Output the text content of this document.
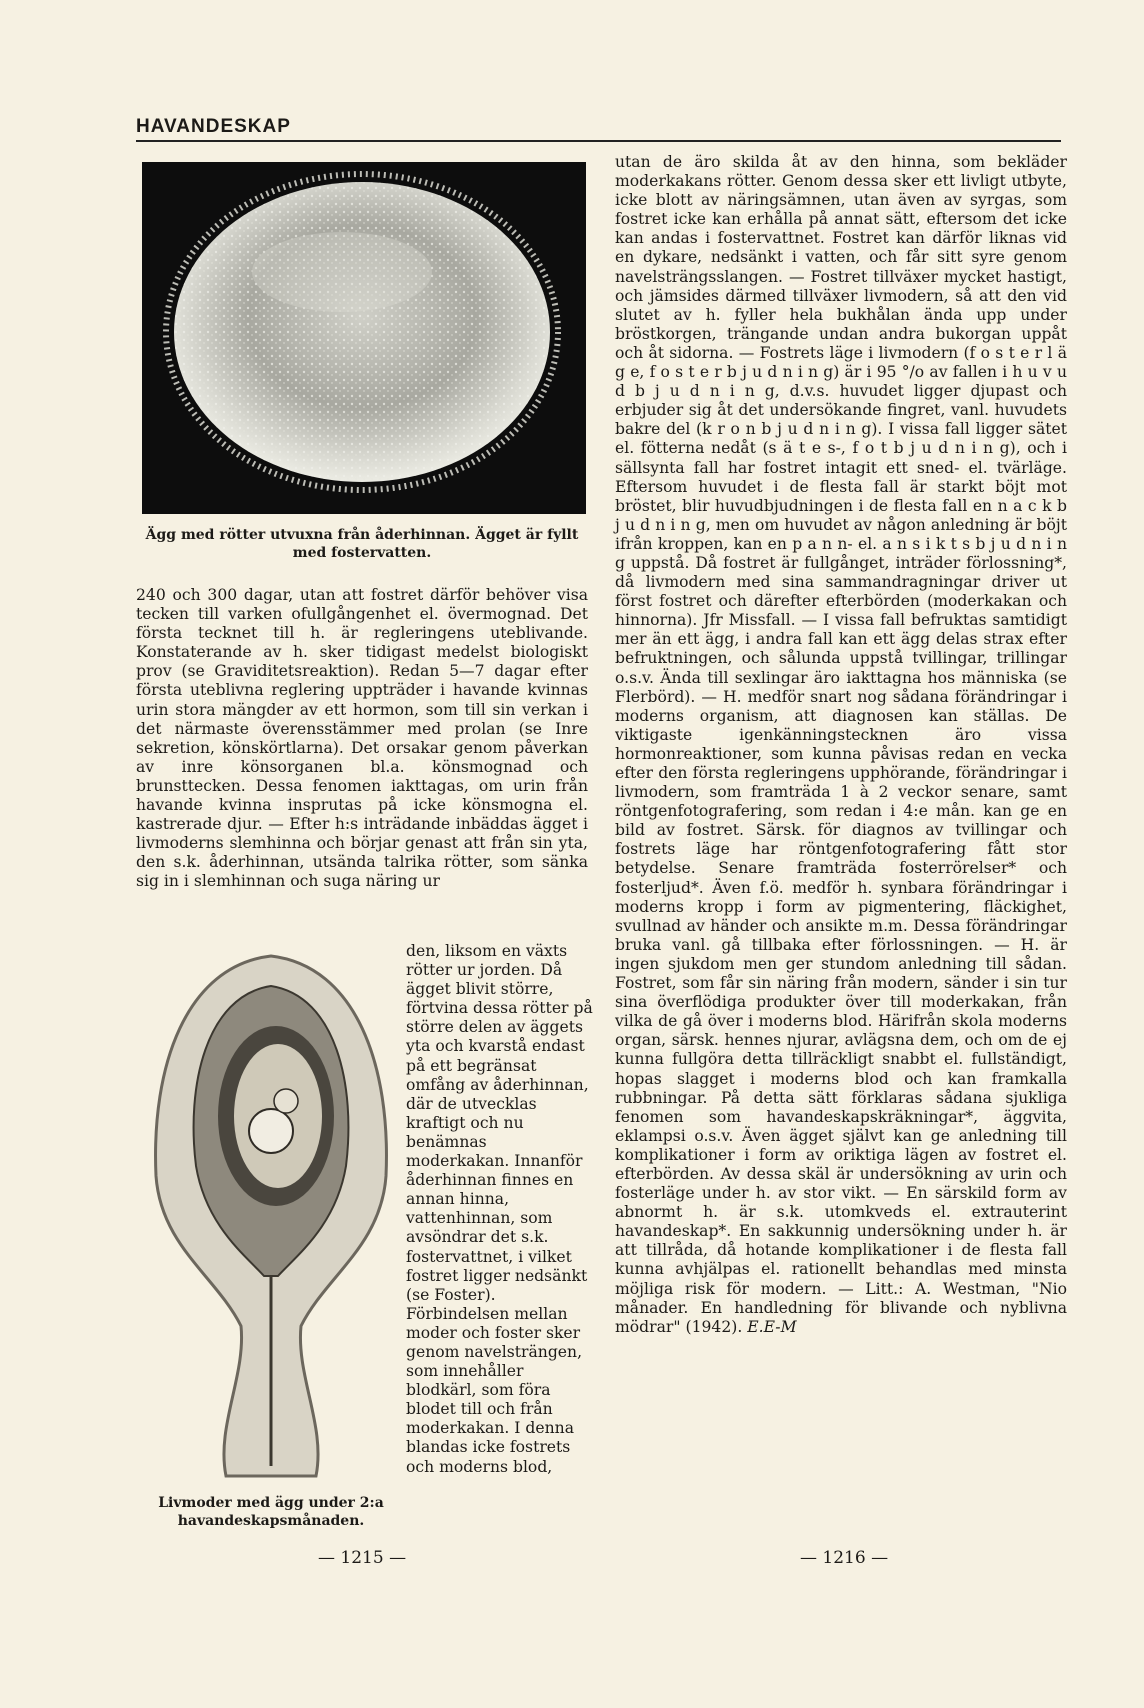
HAVANDESKAP
Ägg med rötter utvuxna från åderhinnan. Ägget är fyllt med fostervatten.

240 och 300 dagar, utan att fostret därför behöver visa tecken till varken ofullgångenhet el. övermognad. Det första tecknet till h. är regleringens uteblivande. Konstaterande av h. sker tidigast medelst biologiskt prov (se Graviditetsreaktion). Redan 5—7 dagar efter första uteblivna reglering uppträder i havande kvinnas urin stora mängder av ett hormon, som till sin verkan i det närmaste överensstämmer med prolan (se Inre sekretion, könskörtlarna). Det orsakar genom påverkan av inre könsorganen bl.a. könsmognad och brunsttecken. Dessa fenomen iakttagas, om urin från havande kvinna insprutas på icke könsmogna el. kastrerade djur. — Efter h:s inträdande inbäddas ägget i livmoderns slemhinna och börjar genast att från sin yta, den s.k. åderhinnan, utsända talrika rötter, som sänka sig in i slemhinnan och suga näring ur

Livmoder med ägg under 2:a havandeskapsmånaden.

den, liksom en växts rötter ur jorden. Då ägget blivit större, förtvina dessa rötter på större delen av äggets yta och kvarstå endast på ett begränsat omfång av åderhinnan, där de utvecklas kraftigt och nu benämnas moderkakan. Innanför åderhinnan finnes en annan hinna, vattenhinnan, som avsöndrar det s.k. fostervattnet, i vilket fostret ligger nedsänkt (se Foster). Förbindelsen mellan moder och foster sker genom navelsträngen, som innehåller blodkärl, som föra blodet till och från moderkakan. I denna blandas icke fostrets och moderns blod,

utan de äro skilda åt av den hinna, som bekläder moderkakans rötter. Genom dessa sker ett livligt utbyte, icke blott av näringsämnen, utan även av syrgas, som fostret icke kan erhålla på annat sätt, eftersom det icke kan andas i fostervattnet. Fostret kan därför liknas vid en dykare, nedsänkt i vatten, och får sitt syre genom navelsträngsslangen. — Fostret tillväxer mycket hastigt, och jämsides därmed tillväxer livmodern, så att den vid slutet av h. fyller hela bukhålan ända upp under bröstkorgen, trängande undan andra bukorgan uppåt och åt sidorna. — Fostrets läge i livmodern (f o s t e r l ä g e, f o s t e r b j u d n i n g) är i 95 °/o av fallen i h u v u d b j u d n i n g, d.v.s. huvudet ligger djupast och erbjuder sig åt det undersökande fingret, vanl. huvudets bakre del (k r o n b j u d n i n g). I vissa fall ligger sätet el. fötterna nedåt (s ä t e s-, f o t b j u d n i n g), och i sällsynta fall har fostret intagit ett sned- el. tvärläge. Eftersom huvudet i de flesta fall är starkt böjt mot bröstet, blir huvudbjudningen i de flesta fall en n a c k b j u d n i n g, men om huvudet av någon anledning är böjt ifrån kroppen, kan en p a n n- el. a n s i k t s b j u d n i n g uppstå. Då fostret är fullgånget, inträder förlossning*, då livmodern med sina sammandragningar driver ut först fostret och därefter efterbörden (moderkakan och hinnorna). Jfr Missfall. — I vissa fall befruktas samtidigt mer än ett ägg, i andra fall kan ett ägg delas strax efter befruktningen, och sålunda uppstå tvillingar, trillingar o.s.v. Ända till sexlingar äro iakttagna hos människa (se Flerbörd). — H. medför snart nog sådana förändringar i moderns organism, att diagnosen kan ställas. De viktigaste igenkänningstecknen äro vissa hormonreaktioner, som kunna påvisas redan en vecka efter den första regleringens upphörande, förändringar i livmodern, som framträda 1 à 2 veckor senare, samt röntgenfotografering, som redan i 4:e mån. kan ge en bild av fostret. Särsk. för diagnos av tvillingar och fostrets läge har röntgenfotografering fått stor betydelse. Senare framträda fosterrörelser* och fosterljud*. Även f.ö. medför h. synbara förändringar i moderns kropp i form av pigmentering, fläckighet, svullnad av händer och ansikte m.m. Dessa förändringar bruka vanl. gå tillbaka efter förlossningen. — H. är ingen sjukdom men ger stundom anledning till sådan. Fostret, som får sin näring från modern, sänder i sin tur sina överflödiga produkter över till moderkakan, från vilka de gå över i moderns blod. Härifrån skola moderns organ, särsk. hennes njurar, avlägsna dem, och om de ej kunna fullgöra detta tillräckligt snabbt el. fullständigt, hopas slagget i moderns blod och kan framkalla rubbningar. På detta sätt förklaras sådana sjukliga fenomen som havandeskapskräkningar*, äggvita, eklampsi o.s.v. Även ägget självt kan ge anledning till komplikationer i form av oriktiga lägen av fostret el. efterbörden. Av dessa skäl är undersökning av urin och fosterläge under h. av stor vikt. — En särskild form av abnormt h. är s.k. utomkveds el. extrauterint havandeskap*. En sakkunnig undersökning under h. är att tillråda, då hotande komplikationer i de flesta fall kunna avhjälpas el. rationellt behandlas med minsta möjliga risk för modern. — Litt.: A. Westman, "Nio månader. En handledning för blivande och nyblivna mödrar" (1942). E.E-M

— 1215 —	— 1216 —
